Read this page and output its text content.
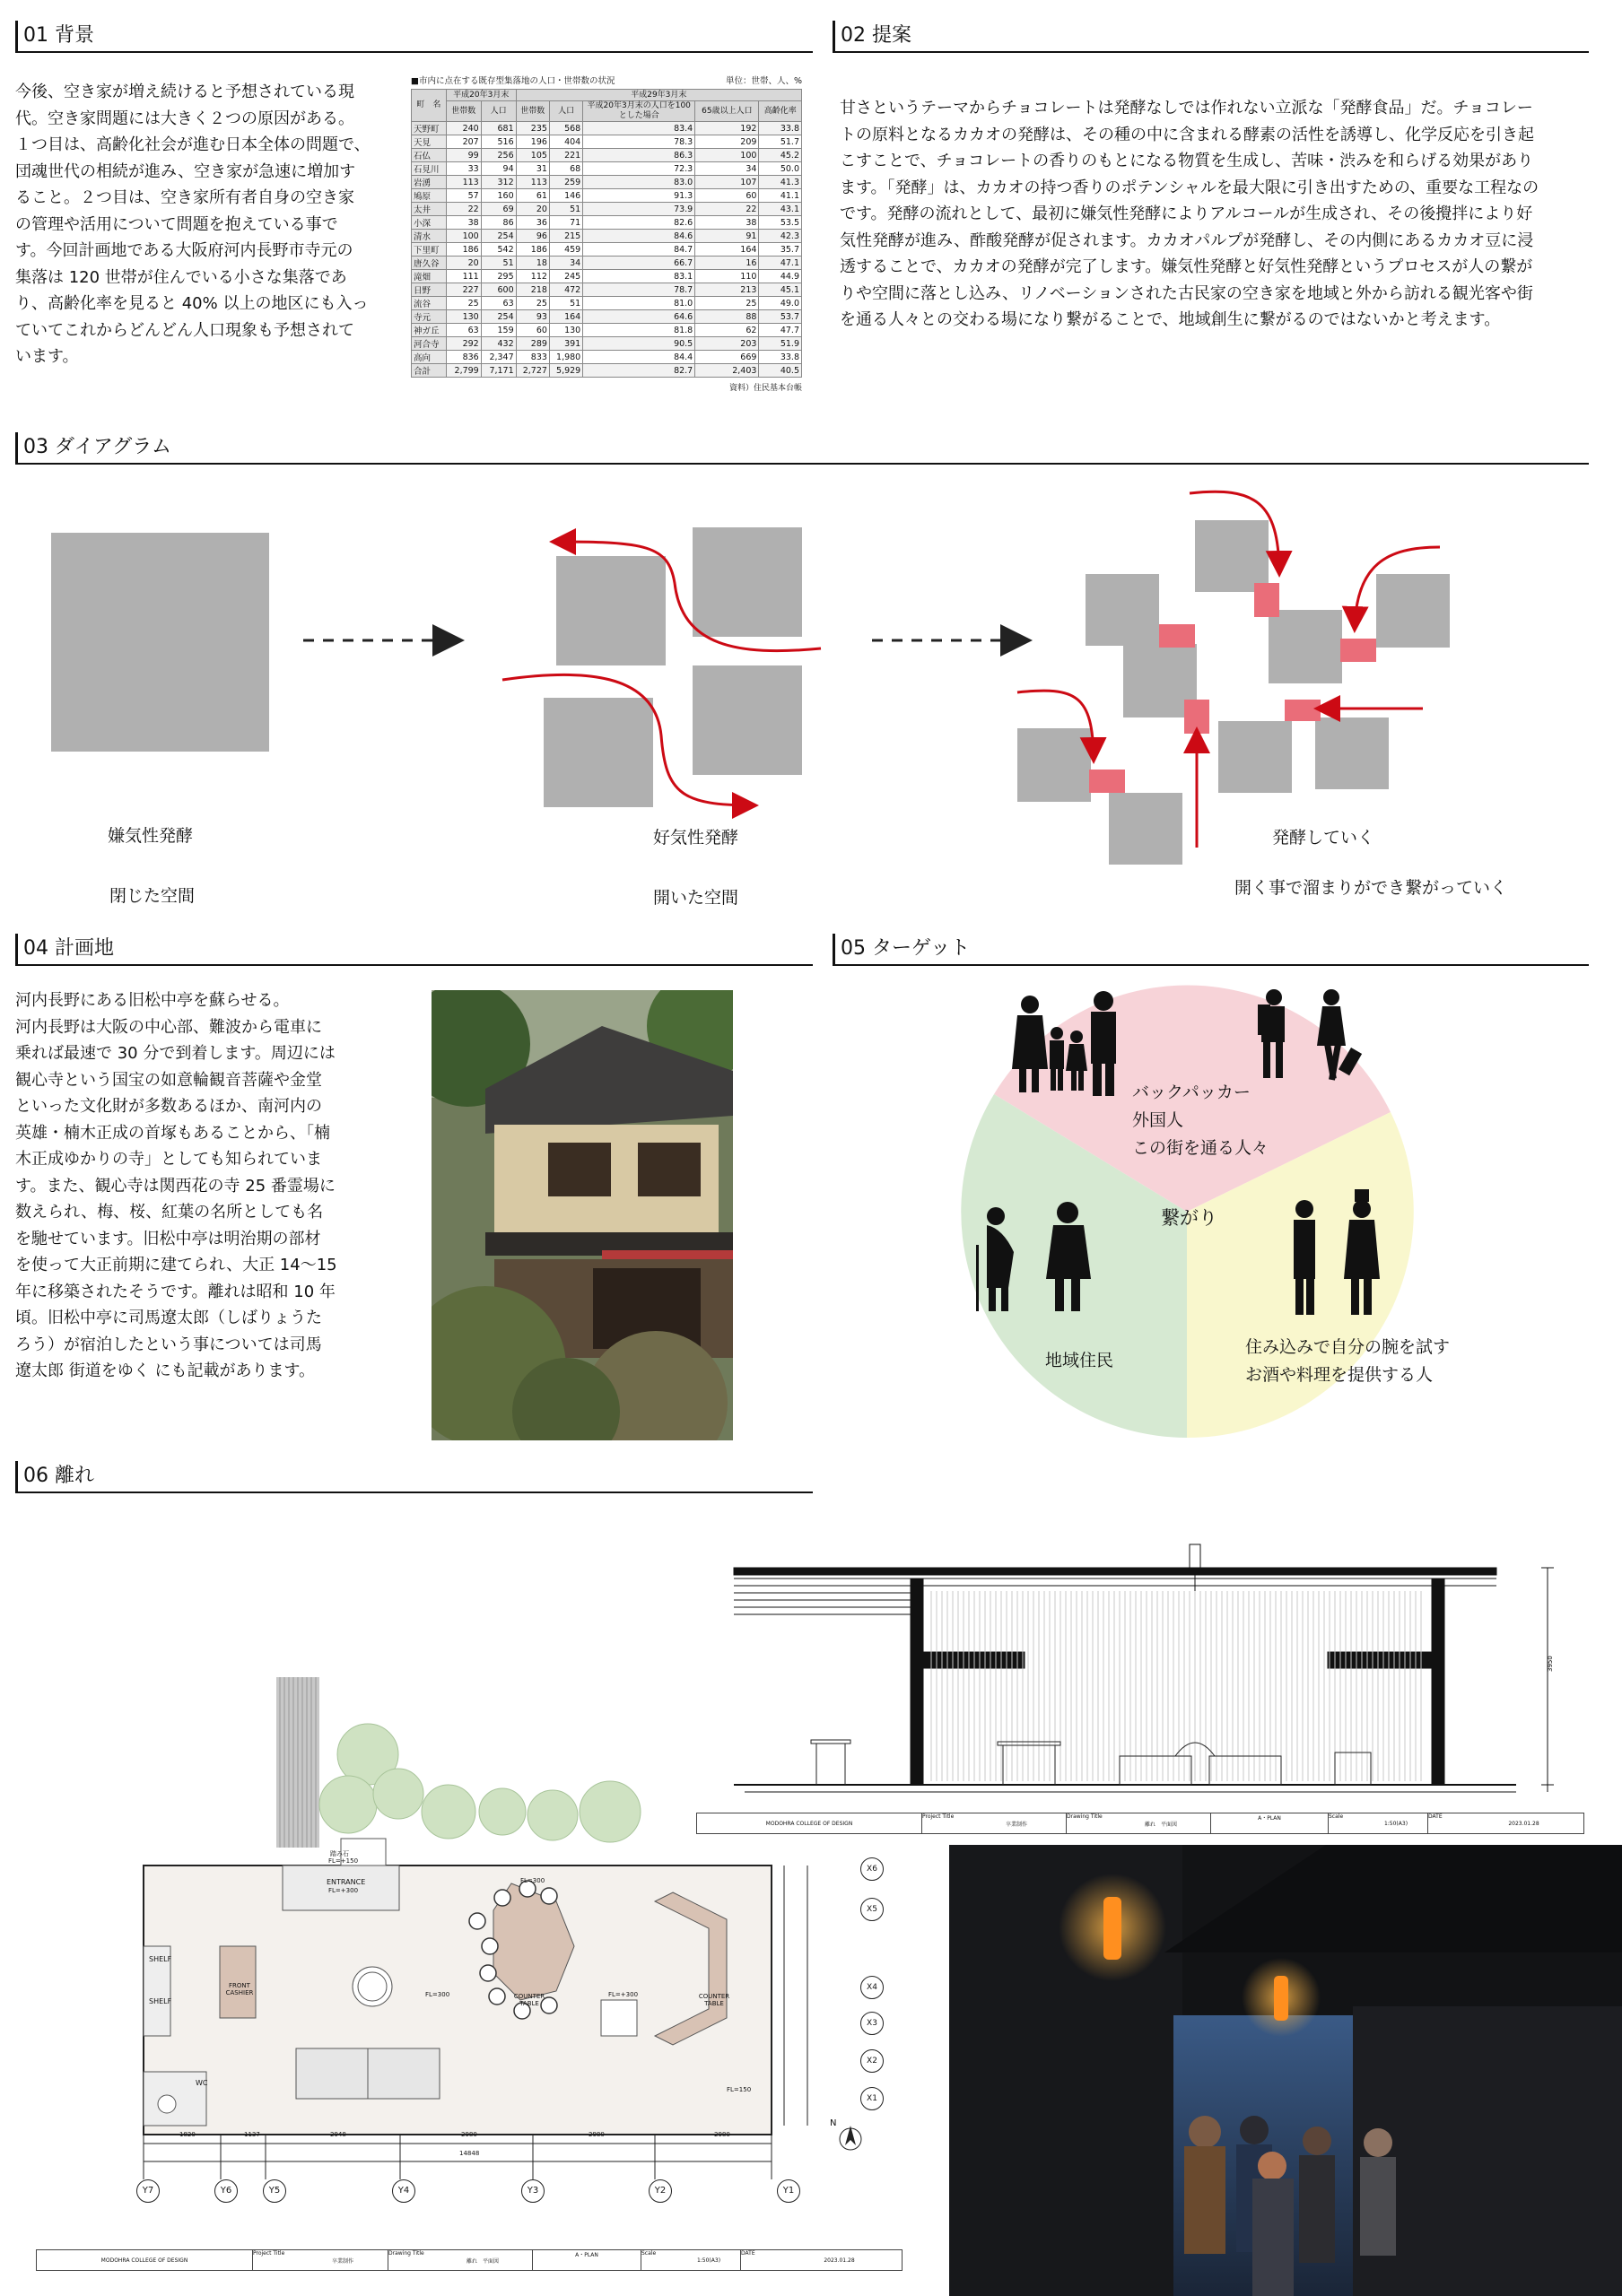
01 背景

今後、空き家が増え続けると予想されている現

代。空き家問題には大きく２つの原因がある。

１つ目は、高齢化社会が進む日本全体の問題で、

団魂世代の相続が進み、空き家が急速に増加す

ること。２つ目は、空き家所有者自身の空き家

の管理や活用について問題を抱えている事で

す。今回計画地である大阪府河内長野市寺元の

集落は 120 世帯が住んでいる小さな集落であ

り、高齢化率を見ると 40% 以上の地区にも入っ

ていてこれからどんどん人口現象も予想されて

います。

■市内に点在する既存型集落地の人口・世帯数の状況	単位：世帯、人、%
町　名	平成20年3月末		平成29年3月末				
	世帯数	人口	世帯数	人口	平成20年3月末の人口を100とした場合	65歳以上人口	高齢化率
天野町	240	681	235	568	83.4	192	33.8
天見	207	516	196	404	78.3	209	51.7
石仏	99	256	105	221	86.3	100	45.2
石見川	33	94	31	68	72.3	34	50.0
岩湧	113	312	113	259	83.0	107	41.3
鳩原	57	160	61	146	91.3	60	41.1
太井	22	69	20	51	73.9	22	43.1
小深	38	86	36	71	82.6	38	53.5
清水	100	254	96	215	84.6	91	42.3
下里町	186	542	186	459	84.7	164	35.7
唐久谷	20	51	18	34	66.7	16	47.1
滝畑	111	295	112	245	83.1	110	44.9
日野	227	600	218	472	78.7	213	45.1
流谷	25	63	25	51	81.0	25	49.0
寺元	130	254	93	164	64.6	88	53.7
神ガ丘	63	159	60	130	81.8	62	47.7
河合寺	292	432	289	391	90.5	203	51.9
高向	836	2,347	833	1,980	84.4	669	33.8
合計	2,799	7,171	2,727	5,929	82.7	2,403	40.5
資料）住民基本台帳
02 提案

甘さというテーマからチョコレートは発酵なしでは作れない立派な「発酵食品」だ。チョコレー

トの原料となるカカオの発酵は、その種の中に含まれる酵素の活性を誘導し、化学反応を引き起

こすことで、チョコレートの香りのもとになる物質を生成し、苦味・渋みを和らげる効果があり

ます。「発酵」は、カカオの持つ香りのポテンシャルを最大限に引き出すための、重要な工程なの

です。発酵の流れとして、最初に嫌気性発酵によりアルコールが生成され、その後攪拌により好

気性発酵が進み、酢酸発酵が促されます。カカオパルプが発酵し、その内側にあるカカオ豆に浸

透することで、カカオの発酵が完了します。嫌気性発酵と好気性発酵というプロセスが人の繋が

りや空間に落とし込み、リノベーションされた古民家の空き家を地域と外から訪れる観光客や街

を通る人々との交わる場になり繋がることで、地域創生に繋がるのではないかと考えます。

03 ダイアグラム
嫌気性発酵
閉じた空間
好気性発酵
開いた空間
発酵していく
開く事で溜まりができ繋がっていく
04 計画地

河内長野にある旧松中亭を蘇らせる。

河内長野は大阪の中心部、難波から電車に

乗れば最速で 30 分で到着します。周辺には

観心寺という国宝の如意輪観音菩薩や金堂

といった文化財が多数あるほか、南河内の

英雄・楠木正成の首塚もあることから、「楠

木正成ゆかりの寺」としても知られていま

す。また、観心寺は関西花の寺 25 番霊場に

数えられ、梅、桜、紅葉の名所としても名

を馳せています。旧松中亭は明治期の部材

を使って大正前期に建てられ、大正 14〜15

年に移築されたそうです。離れは昭和 10 年

頃。旧松中亭に司馬遼太郎（しばりょうた

ろう）が宿泊したという事については司馬

遼太郎 街道をゆく にも記載があります。

05 ターゲット
バックパッカー
外国人
この街を通る人々
繋がり
地域住民
住み込みで自分の腕を試す
お酒や料理を提供する人
06 離れ
3950
MODOHRA COLLEGE OF DESIGN
Project Title
卒業制作
Drawing Title
離れ　平面図
A・PLAN	Scale
1:50(A3)
DATE
2023.01.28
ENTRANCE
FL=+300
踏み石
FL=+150
SHELF
SHELF
FRONT CASHIER
WC
COUNTER TABLE
COUNTER TABLE
FL=300
FL=300
FL=+300
FL=150
1820	1137	2948	2980	2980	2980
14848
Y7	Y6	Y5	Y4	Y3	Y2	Y1
X6
X5
X4
X3
X2
X1
N
MODOHRA COLLEGE OF DESIGN
Project Title
卒業制作
Drawing Title
離れ　平面図
A・PLAN	Scale
1:50(A3)
DATE
2023.01.28
